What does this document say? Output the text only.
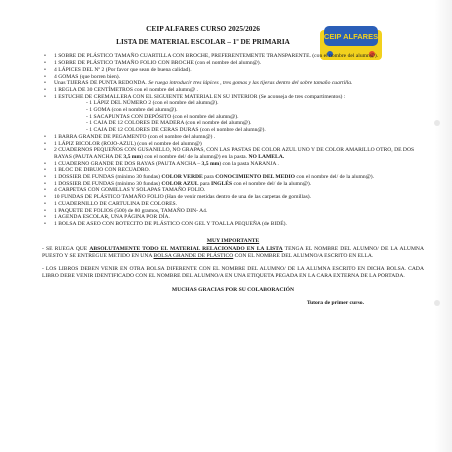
CEIP ALFARES
CEIP ALFARES CURSO 2025/2026
LISTA DE MATERIAL ESCOLAR – 1º DE PRIMARIA
• 1 SOBRE DE PLÁSTICO TAMAÑO CUARTILLA CON BROCHE, PREFERENTEMENTE TRANSPARENTE. (con el nombre del alumn@).
• 1 SOBRE DE PLÁSTICO TAMAÑO FOLIO CON BROCHE (con el nombre del alumn@).
• 4 LÁPICES DEL Nº 2 (Por favor que sean de buena calidad).
• 4 GOMAS (que borren bien).
• Unas TIJERAS DE PUNTA REDONDA. Se ruega introducir tres lápices , tres gomas y las tijeras dentro del sobre tamaño cuartilla.
• 1 REGLA DE 30 CENTÍMETROS con el nombre del alumn@ .
• 1 ESTUCHE DE CREMALLERA CON EL SIGUIENTE MATERIAL EN SU INTERIOR (Se aconseja de tres compartimentos) :
- 1 LÁPIZ DEL NÚMERO 2 (con el nombre del alumn@).
- 1 GOMA (con el nombre del alumn@).
- 1 SACAPUNTAS CON DEPÓSITO (con el nombre del alumn@).
- 1 CAJA DE 12 COLORES DE MADERA (con el nombre del alumn@).
- 1 CAJA DE 12 COLORES DE CERAS DURAS (con el nombre del alumn@).
• 1 BARRA GRANDE DE PEGAMENTO (con el nombre del alumn@) .
• 1 LÁPIZ BICOLOR (ROJO-AZUL) (con el nombre del alumn@)
• 2 CUADERNOS PEQUEÑOS CON GUSANILLO, NO GRAPAS, CON LAS PASTAS DE COLOR AZUL UNO Y DE COLOR AMARILLO OTRO, DE DOS RAYAS (PAUTA ANCHA DE 3,5 mm) con el nombre del/ de la alumn@) en la pasta. NO LAMELA.
• 1 CUADERNO GRANDE DE DOS RAYAS (PAUTA ANCHA – 3,5 mm) con la pasta NARANJA .
• 1 BLOC DE DIBUJO CON RECUADRO.
• 1 DOSSIER DE FUNDAS (mínimo 30 fundas) COLOR VERDE para CONOCIMIENTO DEL MEDIO con el nombre del/ de la alumn@).
• 1 DOSSIER DE FUNDAS (mínimo 30 fundas) COLOR AZUL para INGLÉS con el nombre del/ de la alumn@).
• 4 CARPETAS CON GOMILLAS Y SOLAPAS TAMAÑO FOLIO.
• 10 FUNDAS DE PLÁSTICO TAMAÑO FOLIO (Han de venir metidas dentro de una de las carpetas de gomillas).
• 1 CUADERNILLO DE CARTULINA DE COLORES.
• 1 PAQUETE DE FOLIOS (500) de 80 gramos, TAMAÑO DIN- A4.
• 1 AGENDA ESCOLAR, UNA PÁGINA POR DÍA.
• 1 BOLSA DE ASEO CON BOTECITO DE PLÁSTICO CON GEL Y TOALLA PEQUEÑA (de BIDÉ).
MUY IMPORTANTE

- SE RUEGA QUE ABSOLUTAMENTE TODO EL MATERIAL RELACIONADO EN LA LISTA TENGA EL NOMBRE DEL ALUMNO/ DE LA ALUMNA PUESTO Y SE ENTREGUE METIDO EN UNA BOLSA GRANDE DE PLÁSTICO CON EL NOMBRE DEL ALUMNO/A ESCRITO EN ELLA.

- LOS LIBROS DEBEN VENIR EN OTRA BOLSA DIFERENTE CON EL NOMBRE DEL ALUMNO/ DE LA ALUMNA ESCRITO EN DICHA BOLSA. CADA LIBRO DEBE VENIR IDENTIFICADO CON EL NOMBRE DEL ALUMNO/A EN UNA ETIQUETA PEGADA EN LA CARA EXTERNA DE LA PORTADA.

MUCHAS GRACIAS POR SU COLABORACIÓN
Tutora de primer curso.
